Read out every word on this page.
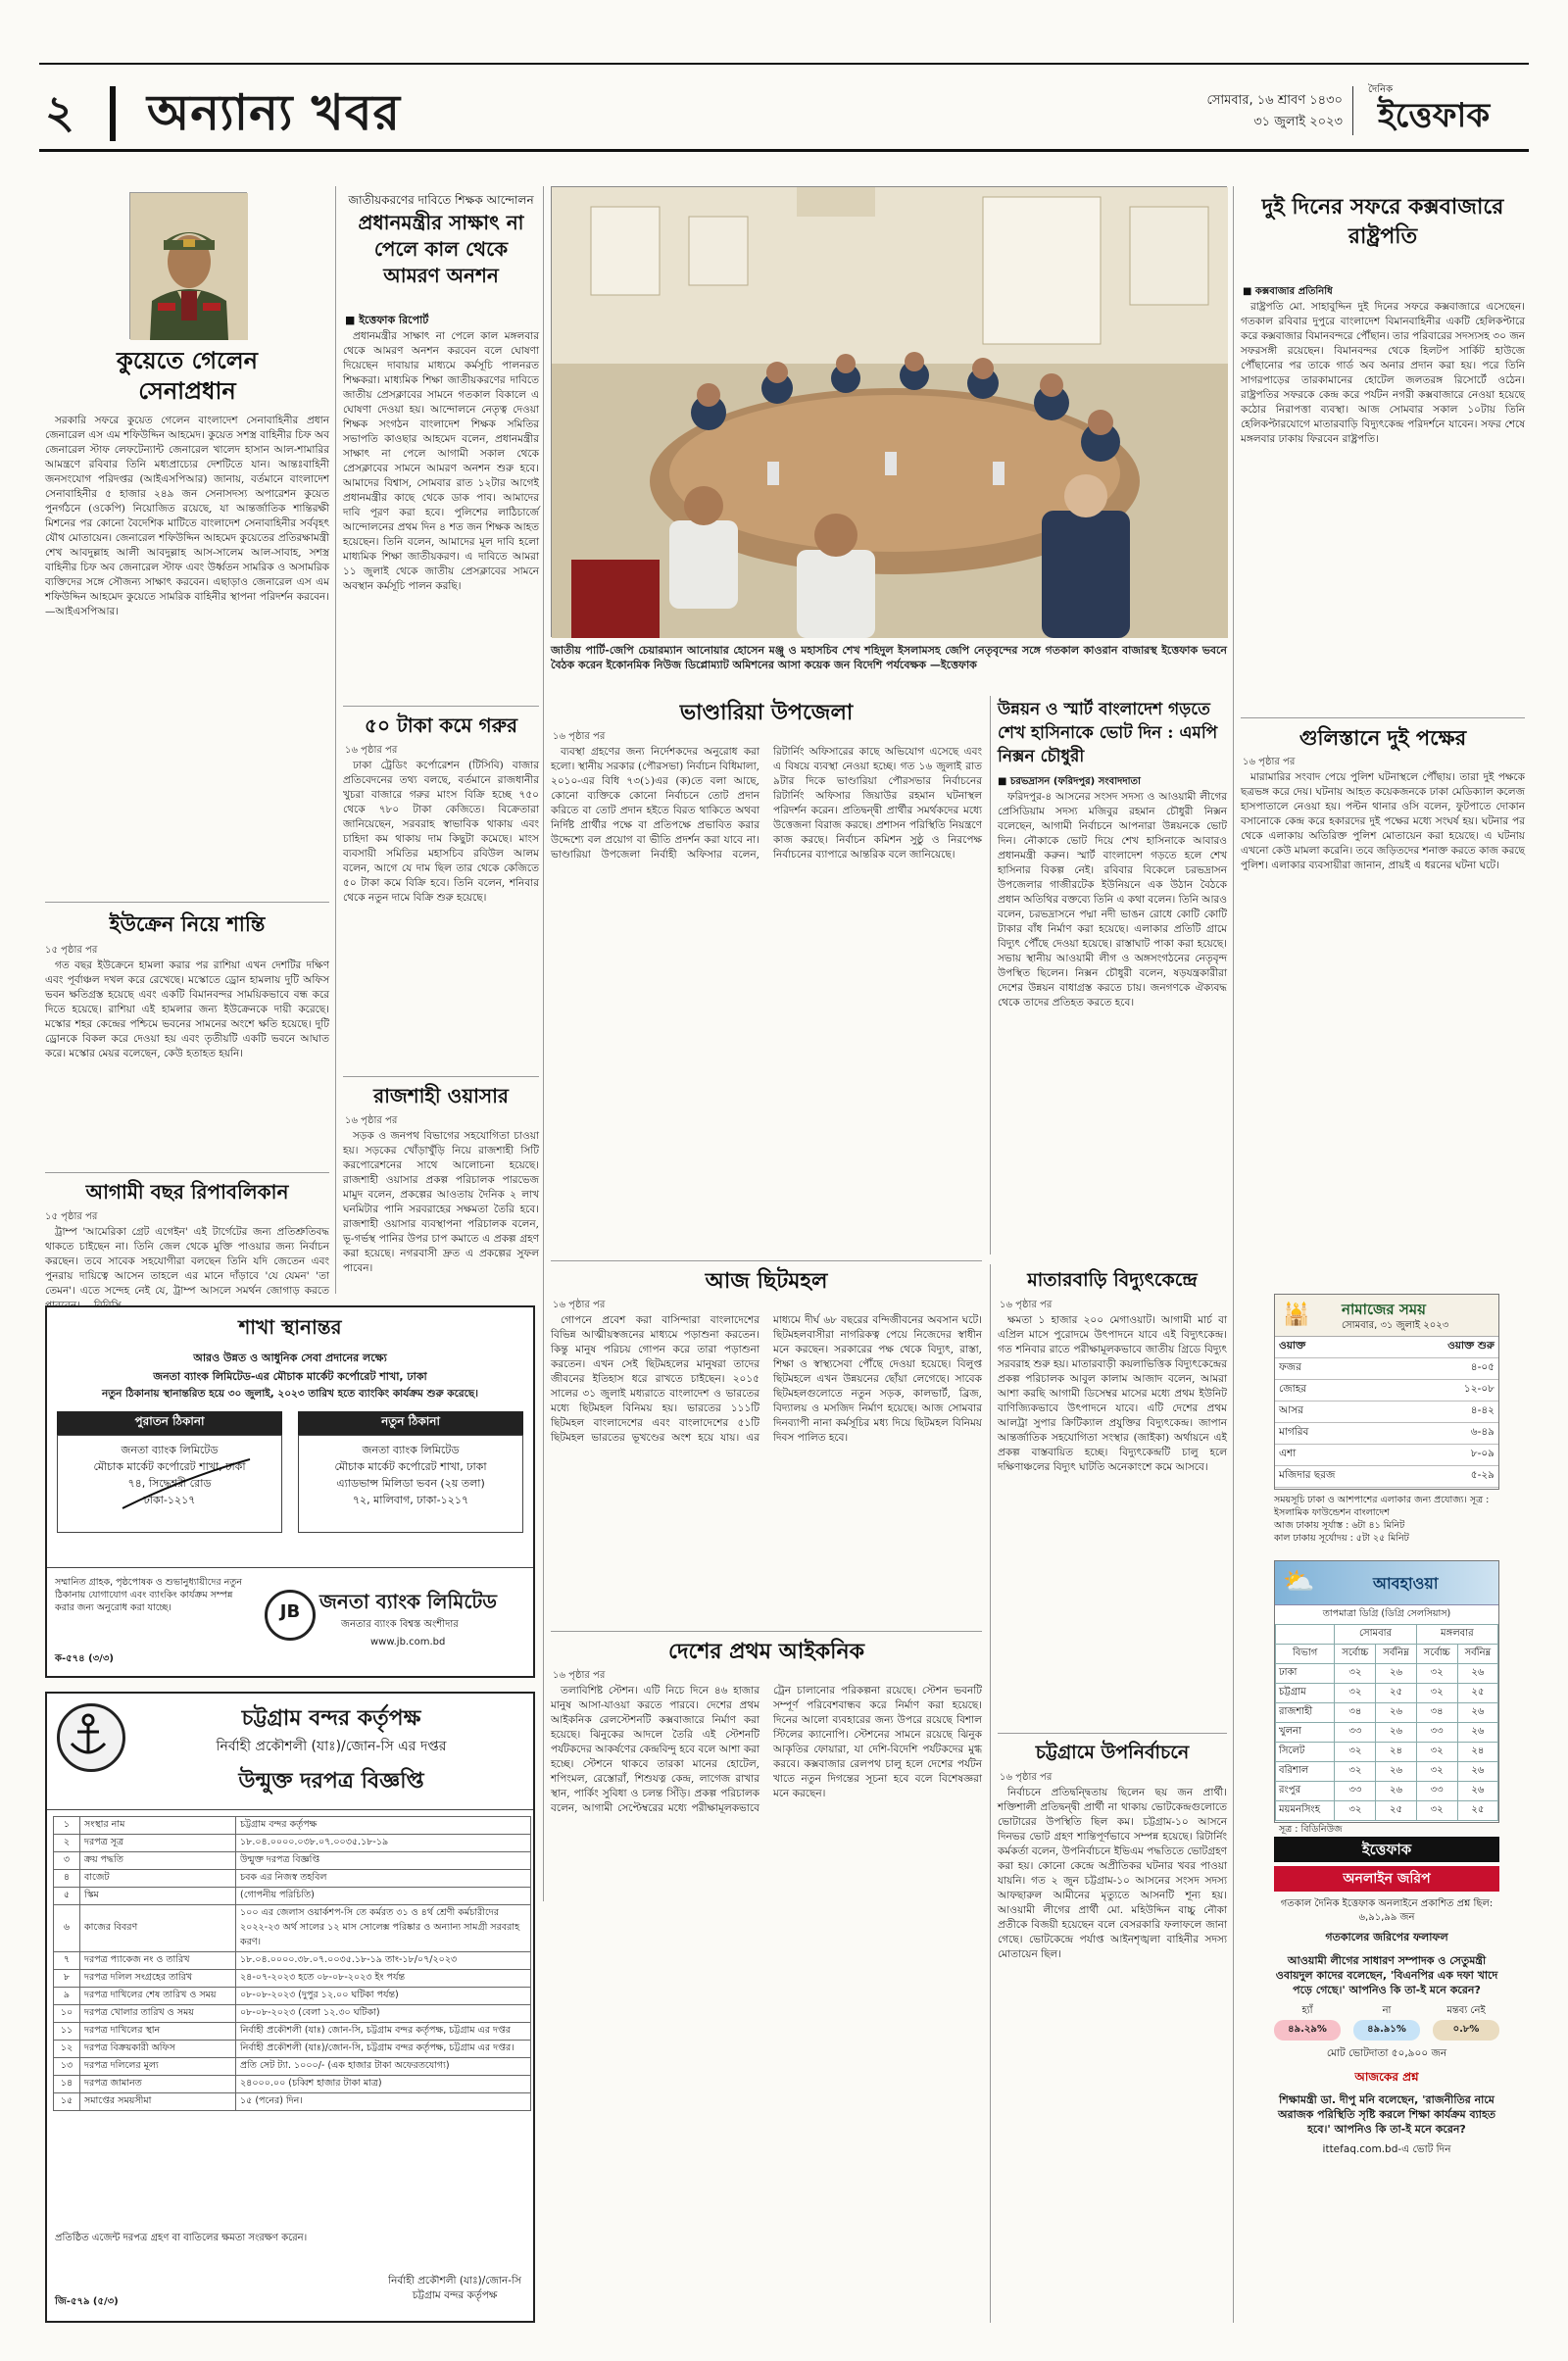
২ অন্যান্য খবর	সোমবার, ১৬ শ্রাবণ ১৪৩০
৩১ জুলাই ২০২৩
দৈনিক
ইত্তেফাক
কুয়েতে গেলেন
সেনাপ্রধান

সরকারি সফরে কুয়েত গেলেন বাংলাদেশ সেনাবাহিনীর প্রধান জেনারেল এস এম শফিউদ্দিন আহমেদ। কুয়েত সশস্ত্র বাহিনীর চিফ অব জেনারেল স্টাফ লেফটেন্যান্ট জেনারেল খালেদ হাসান আল-শামারির আমন্ত্রণে রবিবার তিনি মধ্যপ্রাচ্যের দেশটিতে যান। আন্তঃবাহিনী জনসংযোগ পরিদপ্তর (আইএসপিআর) জানায়, বর্তমানে বাংলাদেশ সেনাবাহিনীর ৫ হাজার ২৪৯ জন সেনাসদস্য অপারেশন কুয়েত পুনর্গঠনে (ওকেপি) নিয়োজিত রয়েছে, যা আন্তর্জাতিক শান্তিরক্ষী মিশনের পর কোনো বৈদেশিক মাটিতে বাংলাদেশ সেনাবাহিনীর সর্ববৃহৎ যৌথ মোতায়েন। জেনারেল শফিউদ্দিন আহমেদ কুয়েতের প্রতিরক্ষামন্ত্রী শেখ আবদুল্লাহ আলী আবদুল্লাহ আস-সালেম আল-সাবাহ, সশস্ত্র বাহিনীর চিফ অব জেনারেল স্টাফ এবং উর্ধ্বতন সামরিক ও অসামরিক ব্যক্তিদের সঙ্গে সৌজন্য সাক্ষাৎ করবেন। এছাড়াও জেনারেল এস এম শফিউদ্দিন আহমেদ কুয়েতে সামরিক বাহিনীর স্থাপনা পরিদর্শন করবেন। —আইএসপিআর।

ইউক্রেন নিয়ে শান্তি
১৫ পৃষ্ঠার পর

গত বছর ইউক্রেনে হামলা করার পর রাশিয়া এখন দেশটির দক্ষিণ এবং পূর্বাঞ্চল দখল করে রেখেছে। মস্কোতে ড্রোন হামলায় দুটি অফিস ভবন ক্ষতিগ্রস্ত হয়েছে এবং একটি বিমানবন্দর সাময়িকভাবে বন্ধ করে দিতে হয়েছে। রাশিয়া এই হামলার জন্য ইউক্রেনকে দায়ী করেছে। মস্কোর শহর কেন্দ্রের পশ্চিমে ভবনের সামনের অংশে ক্ষতি হয়েছে। দুটি ড্রোনকে বিকল করে দেওয়া হয় এবং তৃতীয়টি একটি ভবনে আঘাত করে। মস্কোর মেয়র বলেছেন, কেউ হতাহত হয়নি।

আগামী বছর রিপাবলিকান
১৫ পৃষ্ঠার পর

ট্রাম্প 'আমেরিকা গ্রেট এগেইন' এই টার্গেটের জন্য প্রতিশ্রুতিবদ্ধ থাকতে চাইছেন না। তিনি জেল থেকে মুক্তি পাওয়ার জন্য নির্বাচন করছেন। তবে সাবেক সহযোগীরা বলছেন তিনি যদি জেতেন এবং পুনরায় দায়িত্বে আসেন তাহলে এর মানে দাঁড়াবে 'যে যেমন' 'তা তেমন'। এতে সন্দেহ নেই যে, ট্রাম্প আসলে সমর্থন জোগাড় করতে

জাতীয়করণের দাবিতে শিক্ষক আন্দোলন
প্রধানমন্ত্রীর সাক্ষাৎ না পেলে কাল থেকে আমরণ অনশন
■ ইত্তেফাক রিপোর্ট

প্রধানমন্ত্রীর সাক্ষাৎ না পেলে কাল মঙ্গলবার থেকে আমরণ অনশন করবেন বলে ঘোষণা দিয়েছেন দাবায়ার মাধ্যমে কর্মসূচি পালনরত শিক্ষকরা। মাধ্যমিক শিক্ষা জাতীয়করণের দাবিতে জাতীয় প্রেসক্লাবের সামনে গতকাল বিকালে এ ঘোষণা দেওয়া হয়। আন্দোলনে নেতৃত্ব দেওয়া শিক্ষক সংগঠন বাংলাদেশ শিক্ষক সমিতির সভাপতি কাওছার আহমেদ বলেন, প্রধানমন্ত্রীর সাক্ষাৎ না পেলে আগামী সকাল থেকে প্রেসক্লাবের সামনে আমরণ অনশন শুরু হবে। আমাদের বিশ্বাস, সোমবার রাত ১২টার আগেই প্রধানমন্ত্রীর কাছে থেকে ডাক পাব। আমাদের দাবি পূরণ করা হবে। পুলিশের লাঠিচার্জে আন্দোলনের প্রথম দিন ৪ শত জন শিক্ষক আহত হয়েছেন। তিনি বলেন, আমাদের মূল দাবি হলো মাধ্যমিক শিক্ষা জাতীয়করণ। এ দাবিতে আমরা ১১ জুলাই থেকে জাতীয় প্রেসক্লাবের সামনে অবস্থান কর্মসূচি পালন করছি।

৫০ টাকা কমে গরুর
১৬ পৃষ্ঠার পর

ঢাকা ট্রেডিং কর্পোরেশন (টিসিবি) বাজার প্রতিবেদনের তথ্য বলছে, বর্তমানে রাজধানীর খুচরা বাজারে গরুর মাংস বিক্রি হচ্ছে ৭৫০ থেকে ৭৮০ টাকা কেজিতে। বিক্রেতারা জানিয়েছেন, সরবরাহ স্বাভাবিক থাকায় এবং চাহিদা কম থাকায় দাম কিছুটা কমেছে। মাংস ব্যবসায়ী সমিতির মহাসচিব রবিউল আলম বলেন, আগে যে দাম ছিল তার থেকে কেজিতে ৫০ টাকা কমে বিক্রি হবে। তিনি বলেন, শনিবার থেকে নতুন দামে বিক্রি শুরু হয়েছে।

রাজশাহী ওয়াসার
১৬ পৃষ্ঠার পর

সড়ক ও জনপথ বিভাগের সহযোগিতা চাওয়া হয়। সড়কের খোঁড়াখুঁড়ি নিয়ে রাজশাহী সিটি করপোরেশনের সাথে আলোচনা হয়েছে। রাজশাহী ওয়াসার প্রকল্প পরিচালক পারভেজ মামুদ বলেন, প্রকল্পের আওতায় দৈনিক ২ লাখ ঘনমিটার পানি সরবরাহের সক্ষমতা তৈরি হবে। রাজশাহী ওয়াসার ব্যবস্থাপনা পরিচালক বলেন, ভূ-গর্ভস্থ পানির উপর চাপ কমাতে এ প্রকল্প গ্রহণ করা হয়েছে। নগরবাসী দ্রুত এ প্রকল্পের সুফল পাবেন।

জাতীয় পার্টি-জেপি চেয়ারম্যান আনোয়ার হোসেন মঞ্জু ও মহাসচিব শেখ শহিদুল ইসলামসহ জেপি নেতৃবৃন্দের সঙ্গে গতকাল কাওরান বাজারস্থ ইত্তেফাক ভবনে বৈঠক করেন ইকোনমিক নিউজ ডিপ্লোম্যাট অমিশনের আসা কয়েক জন বিদেশি পর্যবেক্ষক —ইত্তেফাক
ভাণ্ডারিয়া উপজেলা
১৬ পৃষ্ঠার পর

ব্যবস্থা গ্রহণের জন্য নির্দেশকদের অনুরোধ করা হলো। স্থানীয় সরকার (পৌরসভা) নির্বাচন বিধিমালা, ২০১০-এর বিধি ৭৩(১)এর (ক)তে বলা আছে, কোনো ব্যক্তিকে কোনো নির্বাচনে তোট প্রদান করিতে বা তোট প্রদান হইতে বিরত থাকিতে অথবা নির্দিষ্ট প্রার্থীর পক্ষে বা প্রতিপক্ষে প্রভাবিত করার উদ্দেশ্যে বল প্রয়োগ বা ভীতি প্রদর্শন করা যাবে না। ভাণ্ডারিয়া উপজেলা নির্বাহী অফিসার বলেন, রিটার্নিং অফিসারের কাছে অভিযোগ এসেছে এবং এ বিষয়ে ব্যবস্থা নেওয়া হচ্ছে। গত ১৬ জুলাই রাত ৯টার দিকে ভাণ্ডারিয়া পৌরসভার নির্বাচনের রিটার্নিং অফিসার জিয়াউর রহমান ঘটনাস্থল পরিদর্শন করেন। প্রতিদ্বন্দ্বী প্রার্থীর সমর্থকদের মধ্যে উত্তেজনা বিরাজ করছে। প্রশাসন পরিস্থিতি নিয়ন্ত্রণে কাজ করছে। নির্বাচন কমিশন সুষ্ঠু ও নিরপেক্ষ নির্বাচনের ব্যাপারে আন্তরিক বলে জানিয়েছে।

উন্নয়ন ও স্মার্ট বাংলাদেশ গড়তে শেখ হাসিনাকে ভোট দিন : এমপি নিক্সন চৌধুরী
■ চরভদ্রাসন (ফরিদপুর) সংবাদদাতা

ফরিদপুর-৪ আসনের সংসদ সদস্য ও আওয়ামী লীগের প্রেসিডিয়াম সদস্য মজিবুর রহমান চৌধুরী নিক্সন বলেছেন, আগামী নির্বাচনে আপনারা উন্নয়নকে ভোট দিন। নৌকাকে ভোট দিয়ে শেখ হাসিনাকে আবারও প্রধানমন্ত্রী করুন। স্মার্ট বাংলাদেশ গড়তে হলে শেখ হাসিনার বিকল্প নেই। রবিবার বিকেলে চরভদ্রাসন উপজেলার গাজীরটেক ইউনিয়নে এক উঠান বৈঠকে প্রধান অতিথির বক্তব্যে তিনি এ কথা বলেন। তিনি আরও বলেন, চরভদ্রাসনে পদ্মা নদী ভাঙন রোধে কোটি কোটি টাকার বাঁধ নির্মাণ করা হয়েছে। এলাকার প্রতিটি গ্রামে বিদ্যুৎ পৌঁছে দেওয়া হয়েছে। রাস্তাঘাট পাকা করা হয়েছে। সভায় স্থানীয় আওয়ামী লীগ ও অঙ্গসংগঠনের নেতৃবৃন্দ উপস্থিত ছিলেন। নিক্সন চৌধুরী বলেন, ষড়যন্ত্রকারীরা দেশের উন্নয়ন বাধাগ্রস্ত করতে চায়। জনগণকে ঐক্যবদ্ধ থেকে তাদের প্রতিহত করতে হবে।

আজ ছিটমহল
১৬ পৃষ্ঠার পর

গোপনে প্রবেশ করা বাসিন্দারা বাংলাদেশের বিভিন্ন আত্মীয়স্বজনের মাধ্যমে পড়াশুনা করতেন। কিন্তু মানুষ পরিচয় গোপন করে তারা পড়াশুনা করতেন। এখন সেই ছিটমহলের মানুষরা তাদের জীবনের ইতিহাস ধরে রাখতে চাইছেন। ২০১৫ সালের ৩১ জুলাই মধ্যরাতে বাংলাদেশ ও ভারতের মধ্যে ছিটমহল বিনিময় হয়। ভারতের ১১১টি ছিটমহল বাংলাদেশের এবং বাংলাদেশের ৫১টি ছিটমহল ভারতের ভূখণ্ডের অংশ হয়ে যায়। এর মাধ্যমে দীর্ঘ ৬৮ বছরের বন্দিজীবনের অবসান ঘটে। ছিটমহলবাসীরা নাগরিকত্ব পেয়ে নিজেদের স্বাধীন মনে করছেন। সরকারের পক্ষ থেকে বিদ্যুৎ, রাস্তা, শিক্ষা ও স্বাস্থ্যসেবা পৌঁছে দেওয়া হয়েছে। বিলুপ্ত ছিটমহলে এখন উন্নয়নের ছোঁয়া লেগেছে। সাবেক ছিটমহলগুলোতে নতুন সড়ক, কালভার্ট, ব্রিজ, বিদ্যালয় ও মসজিদ নির্মাণ হয়েছে। আজ সোমবার দিনব্যাপী নানা কর্মসূচির মধ্য দিয়ে ছিটমহল বিনিময় দিবস পালিত হবে।

দেশের প্রথম আইকনিক
১৬ পৃষ্ঠার পর

তলাবিশিষ্ট স্টেশন। এটি নিচে দিনে ৪৬ হাজার মানুষ আসা-যাওয়া করতে পারবে। দেশের প্রথম আইকনিক রেলস্টেশনটি কক্সবাজারে নির্মাণ করা হয়েছে। ঝিনুকের আদলে তৈরি এই স্টেশনটি পর্যটকদের আকর্ষণের কেন্দ্রবিন্দু হবে বলে আশা করা হচ্ছে। স্টেশনে থাকবে তারকা মানের হোটেল, শপিংমল, রেস্তোরাঁ, শিশুযত্ন কেন্দ্র, লাগেজ রাখার স্থান, পার্কিং সুবিধা ও চলন্ত সিঁড়ি। প্রকল্প পরিচালক বলেন, আগামী সেপ্টেম্বরের মধ্যে পরীক্ষামূলকভাবে ট্রেন চালানোর পরিকল্পনা রয়েছে। স্টেশন ভবনটি সম্পূর্ণ পরিবেশবান্ধব করে নির্মাণ করা হয়েছে। দিনের আলো ব্যবহারের জন্য উপরে রয়েছে বিশাল স্টিলের ক্যানোপি। স্টেশনের সামনে রয়েছে ঝিনুক আকৃতির ফোয়ারা, যা দেশি-বিদেশি পর্যটকদের মুগ্ধ করবে। কক্সবাজার রেলপথ চালু হলে দেশের পর্যটন খাতে নতুন দিগন্তের সূচনা হবে বলে বিশেষজ্ঞরা মনে করছেন।

মাতারবাড়ি বিদ্যুৎকেন্দ্রে
১৬ পৃষ্ঠার পর

ক্ষমতা ১ হাজার ২০০ মেগাওয়াট। আগামী মার্চ বা এপ্রিল মাসে পুরোদমে উৎপাদনে যাবে এই বিদ্যুৎকেন্দ্র। গত শনিবার রাতে পরীক্ষামূলকভাবে জাতীয় গ্রিডে বিদ্যুৎ সরবরাহ শুরু হয়। মাতারবাড়ী কয়লাভিত্তিক বিদ্যুৎকেন্দ্রের প্রকল্প পরিচালক আবুল কালাম আজাদ বলেন, আমরা আশা করছি আগামী ডিসেম্বর মাসের মধ্যে প্রথম ইউনিট বাণিজ্যিকভাবে উৎপাদনে যাবে। এটি দেশের প্রথম আলট্রা সুপার ক্রিটিক্যাল প্রযুক্তির বিদ্যুৎকেন্দ্র। জাপান আন্তর্জাতিক সহযোগিতা সংস্থার (জাইকা) অর্থায়নে এই প্রকল্প বাস্তবায়িত হচ্ছে। বিদ্যুৎকেন্দ্রটি চালু হলে দক্ষিণাঞ্চলের বিদ্যুৎ ঘাটতি অনেকাংশে কমে আসবে।

চট্টগ্রামে উপনির্বাচনে
১৬ পৃষ্ঠার পর

নির্বাচনে প্রতিদ্বন্দ্বিতায় ছিলেন ছয় জন প্রার্থী। শক্তিশালী প্রতিদ্বন্দ্বী প্রার্থী না থাকায় ভোটকেন্দ্রগুলোতে ভোটারের উপস্থিতি ছিল কম। চট্টগ্রাম-১০ আসনে দিনভর ভোট গ্রহণ শান্তিপূর্ণভাবে সম্পন্ন হয়েছে। রিটার্নিং কর্মকর্তা বলেন, উপনির্বাচনে ইভিএম পদ্ধতিতে ভোটগ্রহণ করা হয়। কোনো কেন্দ্রে অপ্রীতিকর ঘটনার খবর পাওয়া যায়নি। গত ২ জুন চট্টগ্রাম-১০ আসনের সংসদ সদস্য আফছারুল আমীনের মৃত্যুতে আসনটি শূন্য হয়। আওয়ামী লীগের প্রার্থী মো. মহিউদ্দিন বাচ্চু নৌকা প্রতীকে বিজয়ী হয়েছেন বলে বেসরকারি ফলাফলে জানা গেছে। ভোটকেন্দ্রে পর্যাপ্ত আইনশৃঙ্খলা বাহিনীর সদস্য মোতায়েন ছিল।

দুই দিনের সফরে কক্সবাজারে রাষ্ট্রপতি
■ কক্সবাজার প্রতিনিধি

রাষ্ট্রপতি মো. সাহাবুদ্দিন দুই দিনের সফরে কক্সবাজারে এসেছেন। গতকাল রবিবার দুপুরে বাংলাদেশ বিমানবাহিনীর একটি হেলিকপ্টারে করে কক্সবাজার বিমানবন্দরে পৌঁছান। তার পরিবারের সদস্যসহ ৩০ জন সফরসঙ্গী রয়েছেন। বিমানবন্দর থেকে হিলটপ সার্কিট হাউজে পৌঁছানোর পর তাকে গার্ড অব অনার প্রদান করা হয়। পরে তিনি সাগরপাড়ের তারকামানের হোটেল জলতরঙ্গ রিসোর্টে ওঠেন। রাষ্ট্রপতির সফরকে কেন্দ্র করে পর্যটন নগরী কক্সবাজারে নেওয়া হয়েছে কঠোর নিরাপত্তা ব্যবস্থা। আজ সোমবার সকাল ১০টায় তিনি হেলিকপ্টারযোগে মাতারবাড়ি বিদ্যুৎকেন্দ্র পরিদর্শনে যাবেন। সফর শেষে মঙ্গলবার ঢাকায় ফিরবেন রাষ্ট্রপতি।

গুলিস্তানে দুই পক্ষের
১৬ পৃষ্ঠার পর

মারামারির সংবাদ পেয়ে পুলিশ ঘটনাস্থলে পৌঁছায়। তারা দুই পক্ষকে ছত্রভঙ্গ করে দেয়। ঘটনায় আহত কয়েকজনকে ঢাকা মেডিক্যাল কলেজ হাসপাতালে নেওয়া হয়। পল্টন থানার ওসি বলেন, ফুটপাতে দোকান বসানোকে কেন্দ্র করে হকারদের দুই পক্ষের মধ্যে সংঘর্ষ হয়। ঘটনার পর থেকে এলাকায় অতিরিক্ত পুলিশ মোতায়েন করা হয়েছে। এ ঘটনায় এখনো কেউ মামলা করেনি। তবে জড়িতদের শনাক্ত করতে কাজ করছে পুলিশ। এলাকার ব্যবসায়ীরা জানান, প্রায়ই এ ধরনের ঘটনা ঘটে।

🕌 নামাজের সময়
সোমবার, ৩১ জুলাই ২০২৩
ওয়াক্ত	ওয়াক্ত শুরু
ফজর	৪-০৫
জোহর	১২-০৮
আসর	৪-৪২
মাগরিব	৬-৪৯
এশা	৮-০৯
মজিদার ছরজ	৫-২৯
সময়সূচি ঢাকা ও আশপাশের এলাকার জন্য প্রযোজ্য। সূত্র : ইসলামিক ফাউন্ডেশন বাংলাদেশ
আজ ঢাকায় সূর্যাস্ত : ৬টা ৪১ মিনিট
কাল ঢাকায় সূর্যোদয় : ৫টা ২৫ মিনিট
⛅	আবহাওয়া
তাপমাত্রা ডিগ্রি (ডিগ্রি সেলসিয়াস)
	সোমবার		মঙ্গলবার	
বিভাগ	সর্বোচ্চ	সর্বনিম্ন	সর্বোচ্চ	সর্বনিম্ন
ঢাকা	৩২	২৬	৩২	২৬
চট্টগ্রাম	৩২	২৫	৩২	২৫
রাজশাহী	৩৪	২৬	৩৪	২৬
খুলনা	৩৩	২৬	৩৩	২৬
সিলেট	৩২	২৪	৩২	২৪
বরিশাল	৩২	২৬	৩২	২৬
রংপুর	৩৩	২৬	৩৩	২৬
ময়মনসিংহ	৩২	২৫	৩২	২৫
সূত্র : বিডিনিউজ
ইত্তেফাক
অনলাইন জরিপ
গতকাল দৈনিক ইত্তেফাক অনলাইনে প্রকাশিত প্রশ্ন ছিল: ৬,৯১,৯৯ জন
গতকালের জরিপের ফলাফল
আওয়ামী লীগের সাধারণ সম্পাদক ও সেতুমন্ত্রী ওবায়দুল কাদের বলেছেন, 'বিএনপির এক দফা খাদে পড়ে গেছে।' আপনিও কি তা-ই মনে করেন?
হ্যাঁ
৪৯.২৯%
না
৪৯.৯১%
মন্তব্য নেই
০.৮%
মোট ভোটদাতা ৫০,৯০০ জন
আজকের প্রশ্ন
শিক্ষামন্ত্রী ডা. দীপু মনি বলেছেন, 'রাজনীতির নামে অরাজক পরিস্থিতি সৃষ্টি করলে শিক্ষা কার্যক্রম ব্যাহত হবে।' আপনিও কি তা-ই মনে করেন?
ittefaq.com.bd-এ ভোট দিন
শাখা স্থানান্তর
আরও উন্নত ও আধুনিক সেবা প্রদানের লক্ষ্যে
জনতা ব্যাংক লিমিটেড-এর মৌচাক মার্কেট কর্পোরেট শাখা, ঢাকা
নতুন ঠিকানায় স্থানান্তরিত হয়ে ৩০ জুলাই, ২০২৩ তারিখ হতে ব্যাংকিং কার্যক্রম শুরু করেছে।
পুরাতন ঠিকানা
জনতা ব্যাংক লিমিটেড
মৌচাক মার্কেট কর্পোরেট শাখা, ঢাকা
৭৪, সিদ্ধেশ্বরী রোড
ঢাকা-১২১৭
নতুন ঠিকানা
জনতা ব্যাংক লিমিটেড
মৌচাক মার্কেট কর্পোরেট শাখা, ঢাকা
এ্যাডভান্স মিলিডা ভবন (২য় তলা)
৭২, মালিবাগ, ঢাকা-১২১৭
সম্মানিত গ্রাহক, পৃষ্ঠপোষক ও শুভানুধ্যায়ীদের নতুন ঠিকানায় যোগাযোগ এবং ব্যাংকিং কার্যক্রম সম্পন্ন করার জন্য অনুরোধ করা যাচ্ছে।
ক-৫৭৪ (৩/৩)
JB জনতা ব্যাংক লিমিটেড
জনতার ব্যাংক বিশ্বস্ত অংশীদার
www.jb.com.bd
চট্টগ্রাম বন্দর কর্তৃপক্ষ
নির্বাহী প্রকৌশলী (যাঃ)/জোন-সি এর দপ্তর
উন্মুক্ত দরপত্র বিজ্ঞপ্তি
১	সংস্থার নাম	চট্টগ্রাম বন্দর কর্তৃপক্ষ
২	দরপত্র সূত্র	১৮.০৪.০০০০.০৩৮.০৭.০০৩৫.১৮-১৯
৩	ক্রয় পদ্ধতি	উন্মুক্ত দরপত্র বিজ্ঞপ্তি
৪	বাজেট	চবক এর নিজস্ব তহবিল
৫	স্কিম	(গোপনীয় পরিচিতি)
৬	কাজের বিবরণ	১০০ এর জেলাস ওয়ার্কশপ-সি তে কর্মরত ৩১ ও ৪র্থ শ্রেণী কর্মচারীদের ২০২২-২৩ অর্থ সালের ১২ মাস সোলেক্স পরিষ্কার ও অন্যান্য সামগ্রী সরবরাহ করণ।
৭	দরপত্র প্যাকেজ নং ও তারিখ	১৮.০৪.০০০০.৩৮.০৭.০০৩৫.১৮-১৯ তাং-১৮/০৭/২০২৩
৮	দরপত্র দলিল সংগ্রহের তারিখ	২৪-০৭-২০২৩ হতে ০৮-০৮-২০২৩ ইং পর্যন্ত
৯	দরপত্র দাখিলের শেষ তারিখ ও সময়	০৮-০৮-২০২৩ (দুপুর ১২.০০ ঘটিকা পর্যন্ত)
১০	দরপত্র খোলার তারিখ ও সময়	০৮-০৮-২০২৩ (বেলা ১২.৩০ ঘটিকা)
১১	দরপত্র দাখিলের স্থান	নির্বাহী প্রকৌশলী (যাঃ) জোন-সি, চট্টগ্রাম বন্দর কর্তৃপক্ষ, চট্টগ্রাম এর দপ্তর
১২	দরপত্র বিক্রয়কারী অফিস	নির্বাহী প্রকৌশলী (যাঃ)/জোন-সি, চট্টগ্রাম বন্দর কর্তৃপক্ষ, চট্টগ্রাম এর দপ্তর।
১৩	দরপত্র দলিলের মূল্য	প্রতি সেট ট্যা. ১০০০/- (এক হাজার টাকা অফেরতযোগ্য)
১৪	দরপত্র জামানত	২৪০০০.০০ (চব্বিশ হাজার টাকা মাত্র)
১৫	সমাপ্তের সময়সীমা	১৫ (পনের) দিন।
প্রতিষ্ঠিত এজেন্ট দরপত্র গ্রহণ বা বাতিলের ক্ষমতা সংরক্ষণ করেন।
নির্বাহী প্রকৌশলী (যাঃ)/জোন-সি
চট্টগ্রাম বন্দর কর্তৃপক্ষ
জি-৫৭৯ (৫/৩)
